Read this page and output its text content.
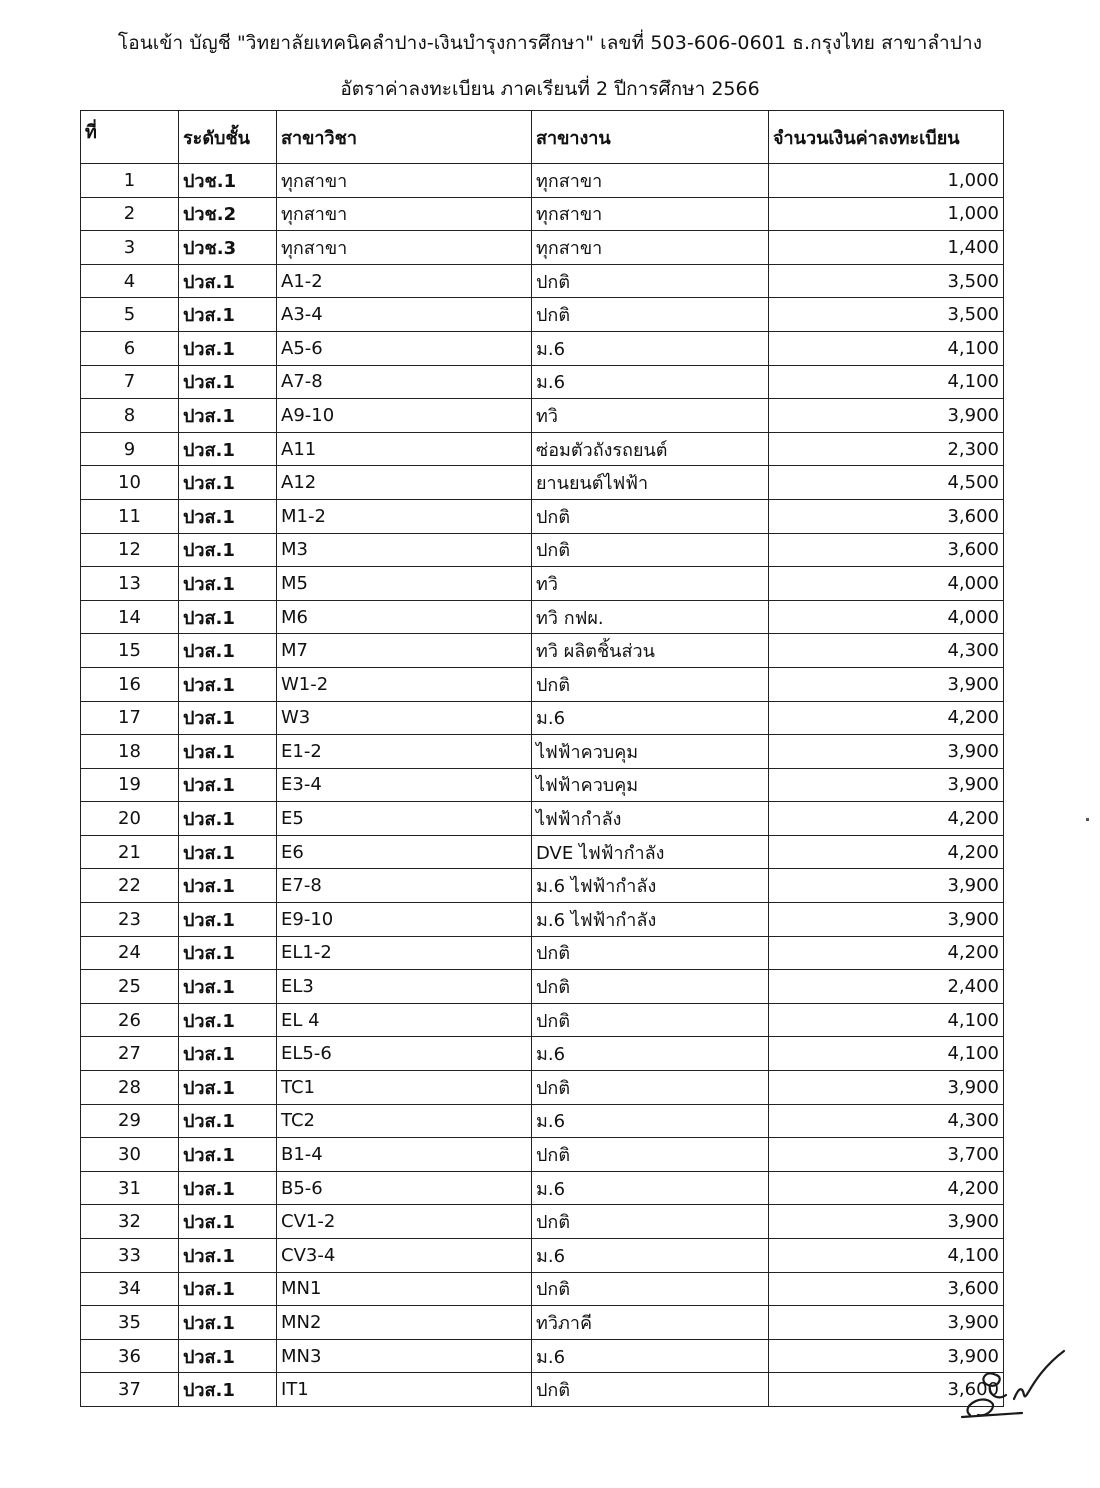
โอนเข้า บัญชี "วิทยาลัยเทคนิคลำปาง-เงินบำรุงการศึกษา" เลขที่ 503-606-0601 ธ.กรุงไทย สาขาลำปาง
อัตราค่าลงทะเบียน ภาคเรียนที่ 2 ปีการศึกษา 2566
ที่	ระดับชั้น	สาขาวิชา	สาขางาน	จำนวนเงินค่าลงทะเบียน
1	ปวช.1	ทุกสาขา	ทุกสาขา	1,000
2	ปวช.2	ทุกสาขา	ทุกสาขา	1,000
3	ปวช.3	ทุกสาขา	ทุกสาขา	1,400
4	ปวส.1	A1-2	ปกติ	3,500
5	ปวส.1	A3-4	ปกติ	3,500
6	ปวส.1	A5-6	ม.6	4,100
7	ปวส.1	A7-8	ม.6	4,100
8	ปวส.1	A9-10	ทวิ	3,900
9	ปวส.1	A11	ซ่อมตัวถังรถยนต์	2,300
10	ปวส.1	A12	ยานยนต์ไฟฟ้า	4,500
11	ปวส.1	M1-2	ปกติ	3,600
12	ปวส.1	M3	ปกติ	3,600
13	ปวส.1	M5	ทวิ	4,000
14	ปวส.1	M6	ทวิ กฟผ.	4,000
15	ปวส.1	M7	ทวิ ผลิตชิ้นส่วน	4,300
16	ปวส.1	W1-2	ปกติ	3,900
17	ปวส.1	W3	ม.6	4,200
18	ปวส.1	E1-2	ไฟฟ้าควบคุม	3,900
19	ปวส.1	E3-4	ไฟฟ้าควบคุม	3,900
20	ปวส.1	E5	ไฟฟ้ากำลัง	4,200
21	ปวส.1	E6	DVE ไฟฟ้ากำลัง	4,200
22	ปวส.1	E7-8	ม.6 ไฟฟ้ากำลัง	3,900
23	ปวส.1	E9-10	ม.6 ไฟฟ้ากำลัง	3,900
24	ปวส.1	EL1-2	ปกติ	4,200
25	ปวส.1	EL3	ปกติ	2,400
26	ปวส.1	EL 4	ปกติ	4,100
27	ปวส.1	EL5-6	ม.6	4,100
28	ปวส.1	TC1	ปกติ	3,900
29	ปวส.1	TC2	ม.6	4,300
30	ปวส.1	B1-4	ปกติ	3,700
31	ปวส.1	B5-6	ม.6	4,200
32	ปวส.1	CV1-2	ปกติ	3,900
33	ปวส.1	CV3-4	ม.6	4,100
34	ปวส.1	MN1	ปกติ	3,600
35	ปวส.1	MN2	ทวิภาคี	3,900
36	ปวส.1	MN3	ม.6	3,900
37	ปวส.1	IT1	ปกติ	3,600
